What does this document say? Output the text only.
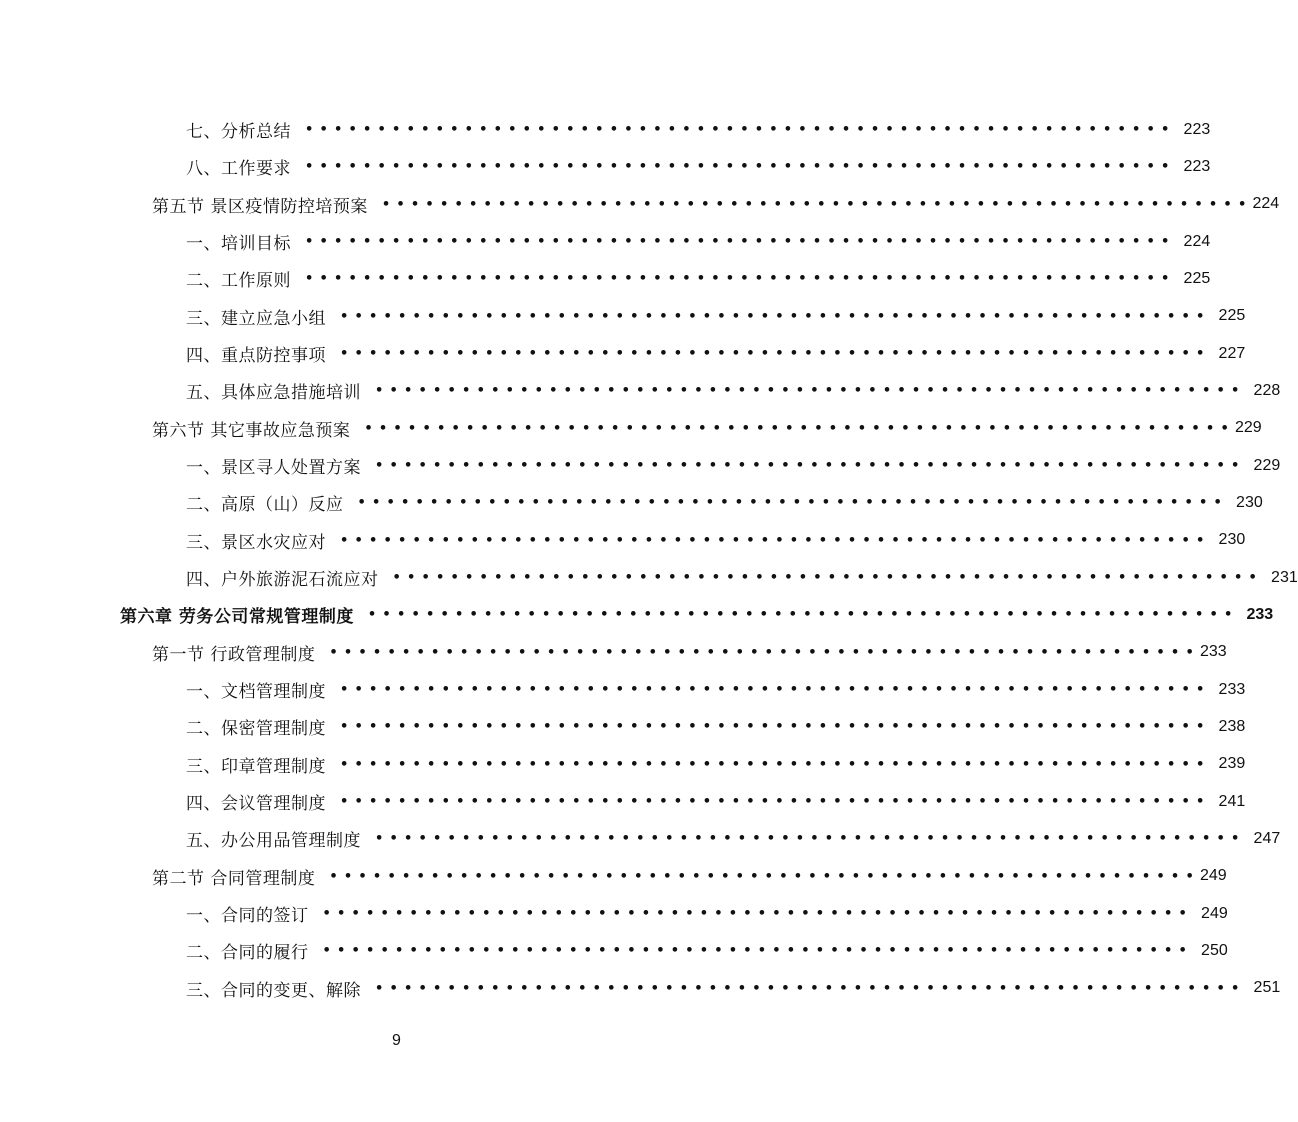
七、分析总结 •••••••••••••••••••••••••••••••••••••••••••••••••••••••••••• 223
八、工作要求 •••••••••••••••••••••••••••••••••••••••••••••••••••••••••••• 223
第五节 景区疫情防控培预案 •••••••••••••••••••••••••••••••••••••••••••••••••••••••••••• 224
一、培训目标 •••••••••••••••••••••••••••••••••••••••••••••••••••••••••••• 224
二、工作原则 •••••••••••••••••••••••••••••••••••••••••••••••••••••••••••• 225
三、建立应急小组 •••••••••••••••••••••••••••••••••••••••••••••••••••••••••••• 225
四、重点防控事项 •••••••••••••••••••••••••••••••••••••••••••••••••••••••••••• 227
五、具体应急措施培训 •••••••••••••••••••••••••••••••••••••••••••••••••••••••••••• 228
第六节 其它事故应急预案 •••••••••••••••••••••••••••••••••••••••••••••••••••••••••••• 229
一、景区寻人处置方案 •••••••••••••••••••••••••••••••••••••••••••••••••••••••••••• 229
二、高原（山）反应 •••••••••••••••••••••••••••••••••••••••••••••••••••••••••••• 230
三、景区水灾应对 •••••••••••••••••••••••••••••••••••••••••••••••••••••••••••• 230
四、户外旅游泥石流应对 •••••••••••••••••••••••••••••••••••••••••••••••••••••••••••• 231
第六章 劳务公司常规管理制度 •••••••••••••••••••••••••••••••••••••••••••••••••••••••••••• 233
第一节 行政管理制度 •••••••••••••••••••••••••••••••••••••••••••••••••••••••••••• 233
一、文档管理制度 •••••••••••••••••••••••••••••••••••••••••••••••••••••••••••• 233
二、保密管理制度 •••••••••••••••••••••••••••••••••••••••••••••••••••••••••••• 238
三、印章管理制度 •••••••••••••••••••••••••••••••••••••••••••••••••••••••••••• 239
四、会议管理制度 •••••••••••••••••••••••••••••••••••••••••••••••••••••••••••• 241
五、办公用品管理制度 •••••••••••••••••••••••••••••••••••••••••••••••••••••••••••• 247
第二节 合同管理制度 •••••••••••••••••••••••••••••••••••••••••••••••••••••••••••• 249
一、合同的签订 •••••••••••••••••••••••••••••••••••••••••••••••••••••••••••• 249
二、合同的履行 •••••••••••••••••••••••••••••••••••••••••••••••••••••••••••• 250
三、合同的变更、解除 •••••••••••••••••••••••••••••••••••••••••••••••••••••••••••• 251
9
